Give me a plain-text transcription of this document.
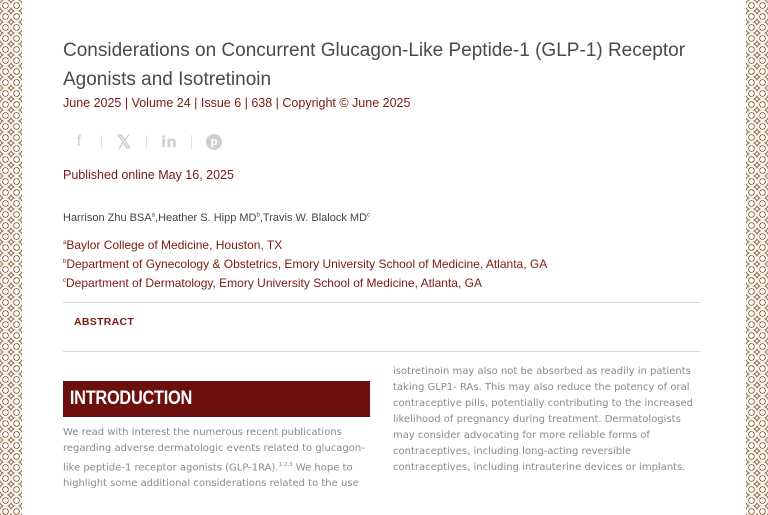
Considerations on Concurrent Glucagon-Like Peptide-1 (GLP-1) Receptor Agonists and Isotretinoin
June 2025 | Volume 24 | Issue 6 | 638 | Copyright © June 2025
f	𝕏	in	p
Published online May 16, 2025
Harrison Zhu BSA$^a$, Heather S. Hipp $MD^b$, Travis W. Blalock $MD^c$
$^a$Baylor College of Medicine, Houston, TX
$^b$Department of Gynecology & Obstetrics, Emory University School of Medicine, Atlanta, GA
$^c$Department of Dermatology, Emory University School of Medicine, Atlanta, GA
ABSTRACT
INTRODUCTION

We read with interest the numerous recent publications
regarding adverse dermatologic events related to glucagon-
like peptide-1 receptor agonists (GLP-1RA).$^{1,2,3}$ We hope to
highlight some additional considerations related to the use

isotretinoin may also not be absorbed as readily in patients
taking GLP1- RAs. This may also reduce the potency of oral
contraceptive pills, potentially contributing to the increased
likelihood of pregnancy during treatment. Dermatologists
may consider advocating for more reliable forms of
contraceptives, including long-acting reversible
contraceptives, including intrauterine devices or implants.
